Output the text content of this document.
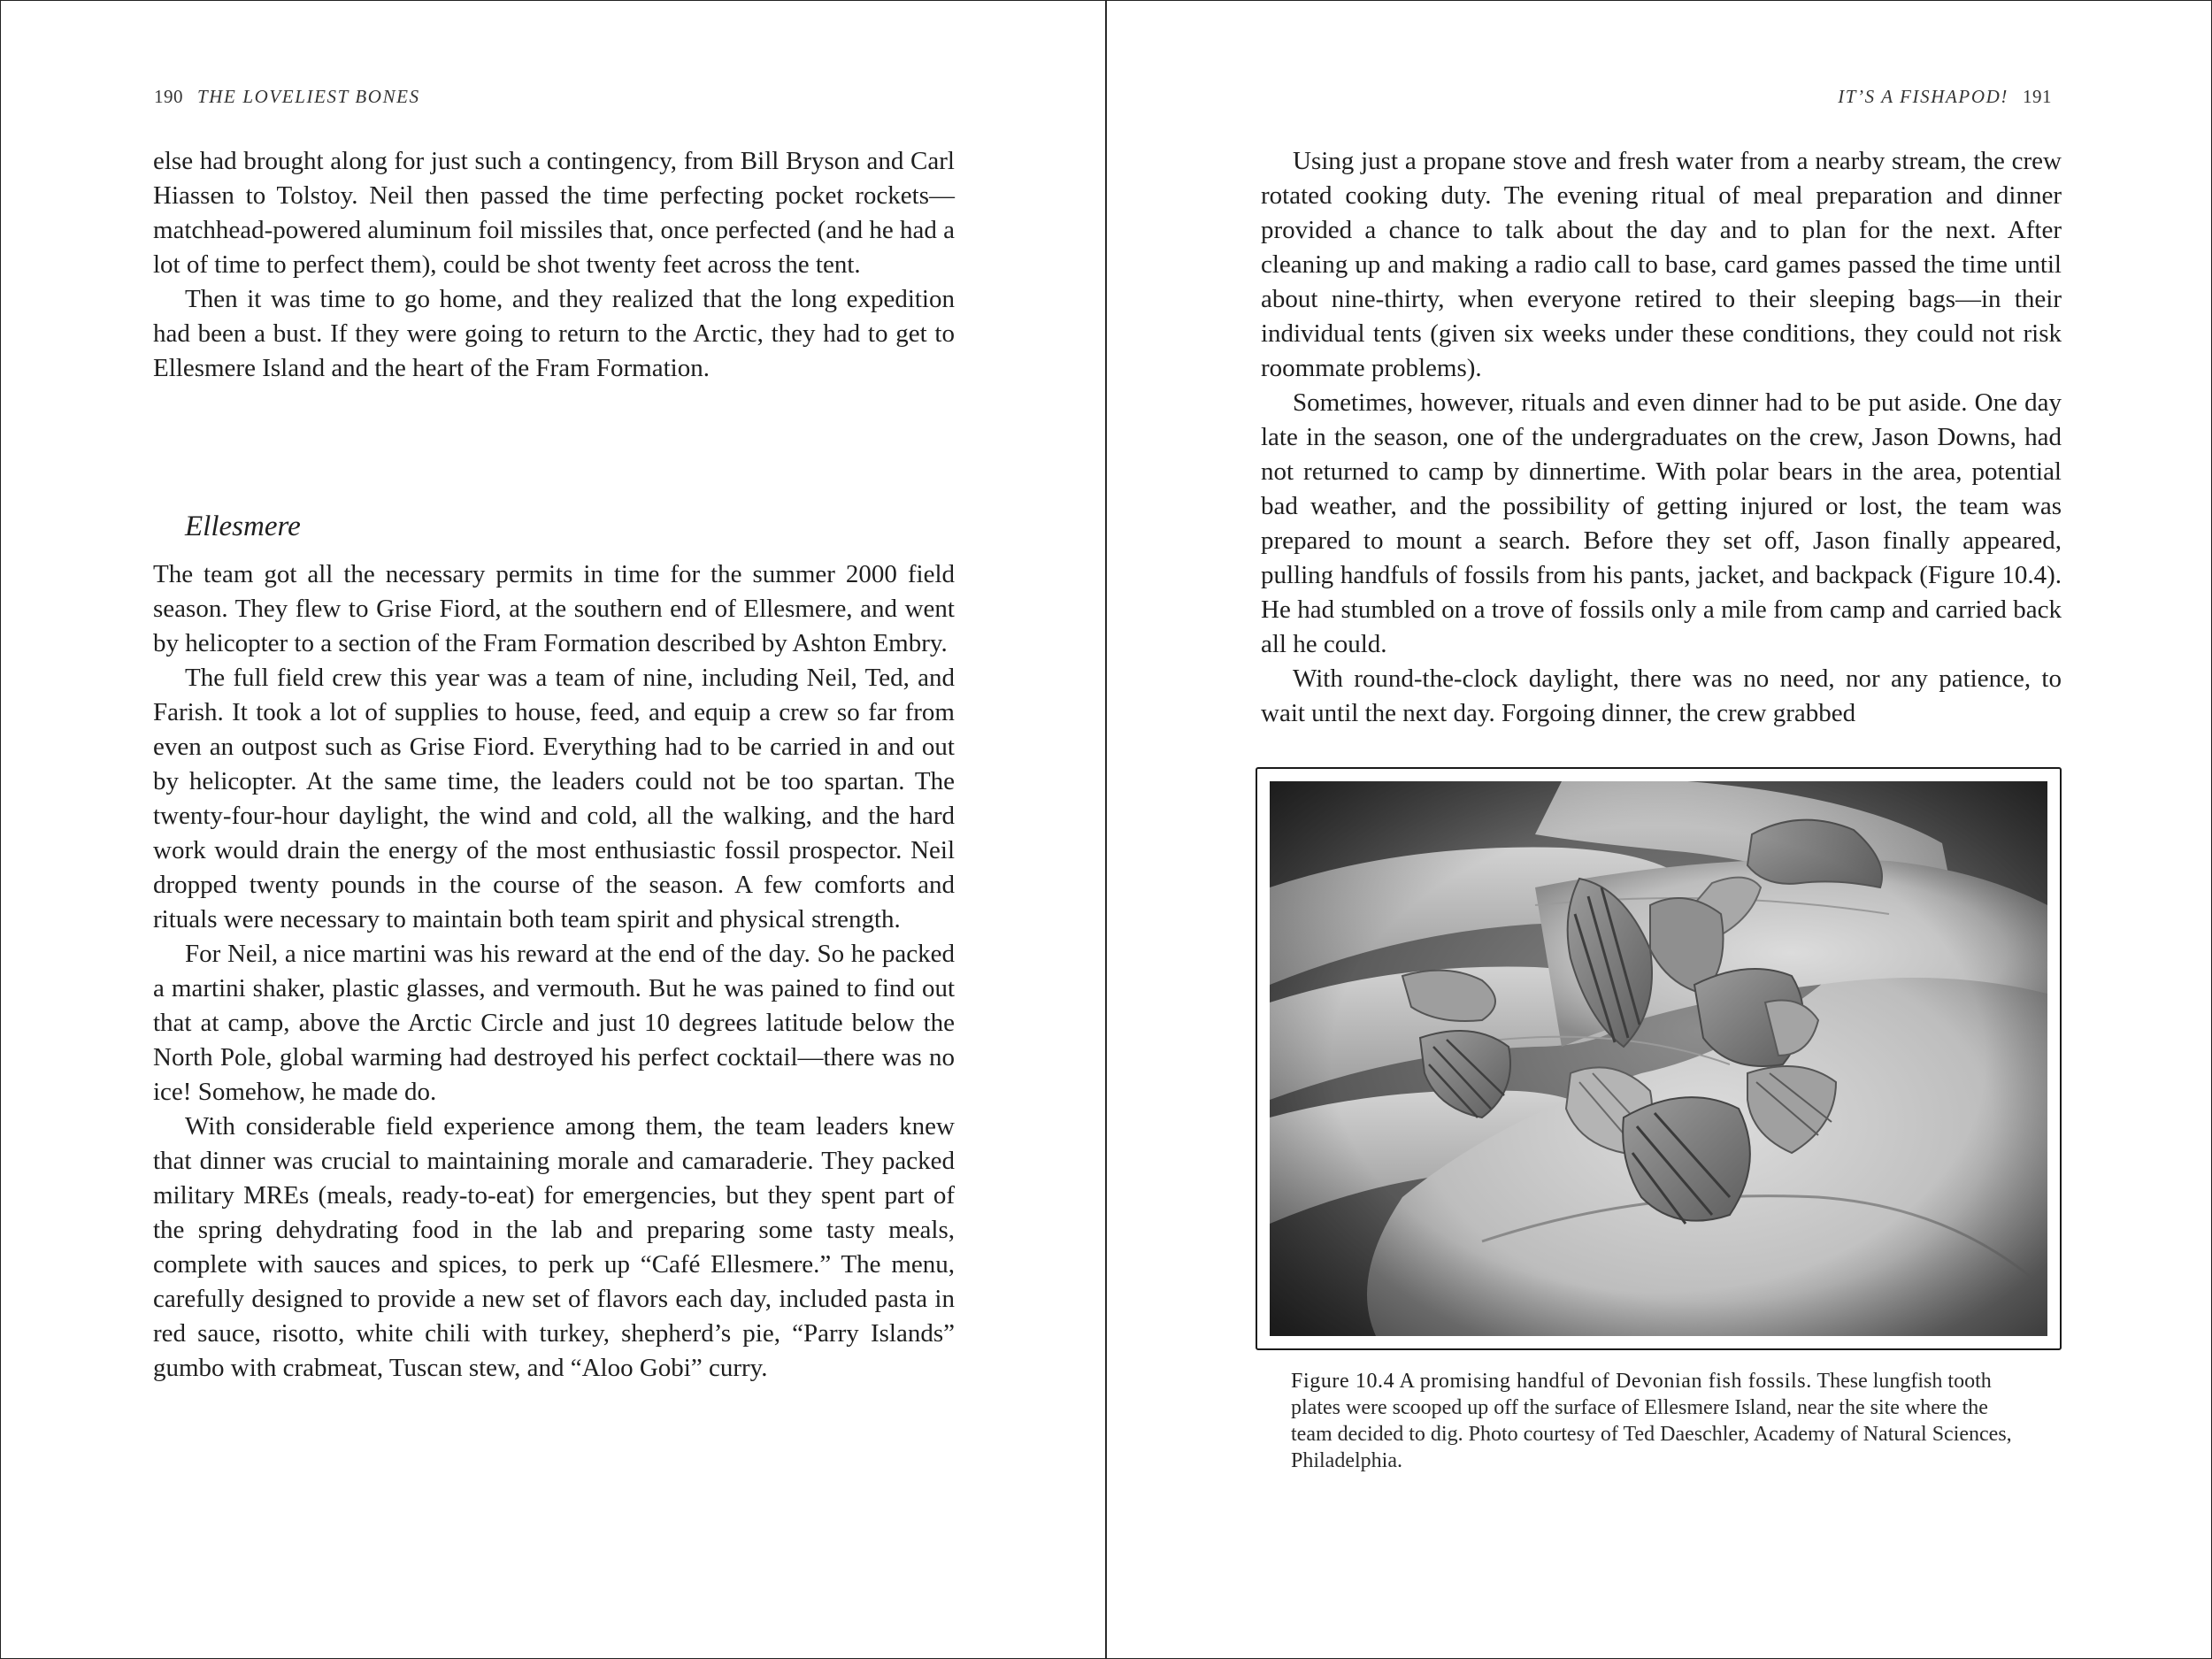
190 THE LOVELIEST BONES

else had brought along for just such a contingency, from Bill Bryson and Carl Hiassen to Tolstoy. Neil then passed the time perfecting pocket rockets—matchhead-powered aluminum foil missiles that, once perfected (and he had a lot of time to perfect them), could be shot twenty feet across the tent.

Then it was time to go home, and they realized that the long expedition had been a bust. If they were going to return to the Arctic, they had to get to Ellesmere Island and the heart of the Fram Formation.

Ellesmere

The team got all the necessary permits in time for the summer 2000 field season. They flew to Grise Fiord, at the southern end of Ellesmere, and went by helicopter to a section of the Fram Formation described by Ashton Embry.

The full field crew this year was a team of nine, including Neil, Ted, and Farish. It took a lot of supplies to house, feed, and equip a crew so far from even an outpost such as Grise Fiord. Everything had to be carried in and out by helicopter. At the same time, the leaders could not be too spartan. The twenty-four-hour daylight, the wind and cold, all the walking, and the hard work would drain the energy of the most enthusiastic fossil prospector. Neil dropped twenty pounds in the course of the season. A few comforts and rituals were necessary to maintain both team spirit and physical strength.

For Neil, a nice martini was his reward at the end of the day. So he packed a martini shaker, plastic glasses, and vermouth. But he was pained to find out that at camp, above the Arctic Circle and just 10 degrees latitude below the North Pole, global warming had destroyed his perfect cocktail—there was no ice! Somehow, he made do.

With considerable field experience among them, the team leaders knew that dinner was crucial to maintaining morale and camaraderie. They packed military MREs (meals, ready-to-eat) for emergencies, but they spent part of the spring dehydrating food in the lab and preparing some tasty meals, complete with sauces and spices, to perk up “Café Ellesmere.” The menu, carefully designed to provide a new set of flavors each day, included pasta in red sauce, risotto, white chili with turkey, shepherd’s pie, “Parry Islands” gumbo with crabmeat, Tuscan stew, and “Aloo Gobi” curry.

IT’S A FISHAPOD! 191

Using just a propane stove and fresh water from a nearby stream, the crew rotated cooking duty. The evening ritual of meal preparation and dinner provided a chance to talk about the day and to plan for the next. After cleaning up and making a radio call to base, card games passed the time until about nine-thirty, when everyone retired to their sleeping bags—in their individual tents (given six weeks under these conditions, they could not risk roommate problems).

Sometimes, however, rituals and even dinner had to be put aside. One day late in the season, one of the undergraduates on the crew, Jason Downs, had not returned to camp by dinnertime. With polar bears in the area, potential bad weather, and the possibility of getting injured or lost, the team was prepared to mount a search. Before they set off, Jason finally appeared, pulling handfuls of fossils from his pants, jacket, and backpack (Figure 10.4). He had stumbled on a trove of fossils only a mile from camp and carried back all he could.

With round-the-clock daylight, there was no need, nor any patience, to wait until the next day. Forgoing dinner, the crew grabbed

Figure 10.4 A promising handful of Devonian fish fossils. These lungfish tooth plates were scooped up off the surface of Ellesmere Island, near the site where the team decided to dig. Photo courtesy of Ted Daeschler, Academy of Natural Sciences, Philadelphia.
